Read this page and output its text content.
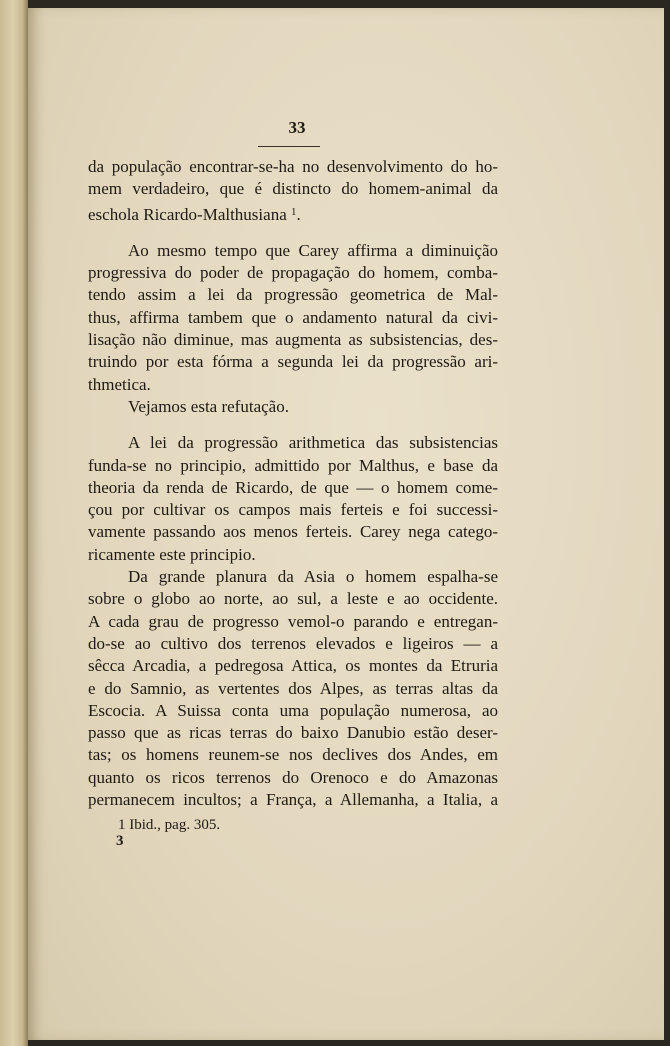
33
da população encontrar-se-ha no desenvolvimento do ho-
mem verdadeiro, que é distincto do homem-animal da
eschola Ricardo-Malthusiana $^1$.
Ao mesmo tempo que Carey affirma a diminuição
progressiva do poder de propagação do homem, comba-
tendo assim a lei da progressão geometrica de Mal-
thus, affirma tambem que o andamento natural da civi-
lisação não diminue, mas augmenta as subsistencias, des-
truindo por esta fórma a segunda lei da progressão ari-
thmetica.
Vejamos esta refutação.
A lei da progressão arithmetica das subsistencias
funda-se no principio, admittido por Malthus, e base da
theoria da renda de Ricardo, de que — o homem come-
çou por cultivar os campos mais ferteis e foi successi-
vamente passando aos menos ferteis. Carey nega catego-
ricamente este principio.
Da grande planura da Asia o homem espalha-se
sobre o globo ao norte, ao sul, a leste e ao occidente.
A cada grau de progresso vemol-o parando e entregan-
do-se ao cultivo dos terrenos elevados e ligeiros — a
sêcca Arcadia, a pedregosa Attica, os montes da Etruria
e do Samnio, as vertentes dos Alpes, as terras altas da
Escocia. A Suissa conta uma população numerosa, ao
passo que as ricas terras do baixo Danubio estão deser-
tas; os homens reunem-se nos declives dos Andes, em
quanto os ricos terrenos do Orenoco e do Amazonas
permanecem incultos; a França, a Allemanha, a Italia, a
1 Ibid., pag. 305.
3
